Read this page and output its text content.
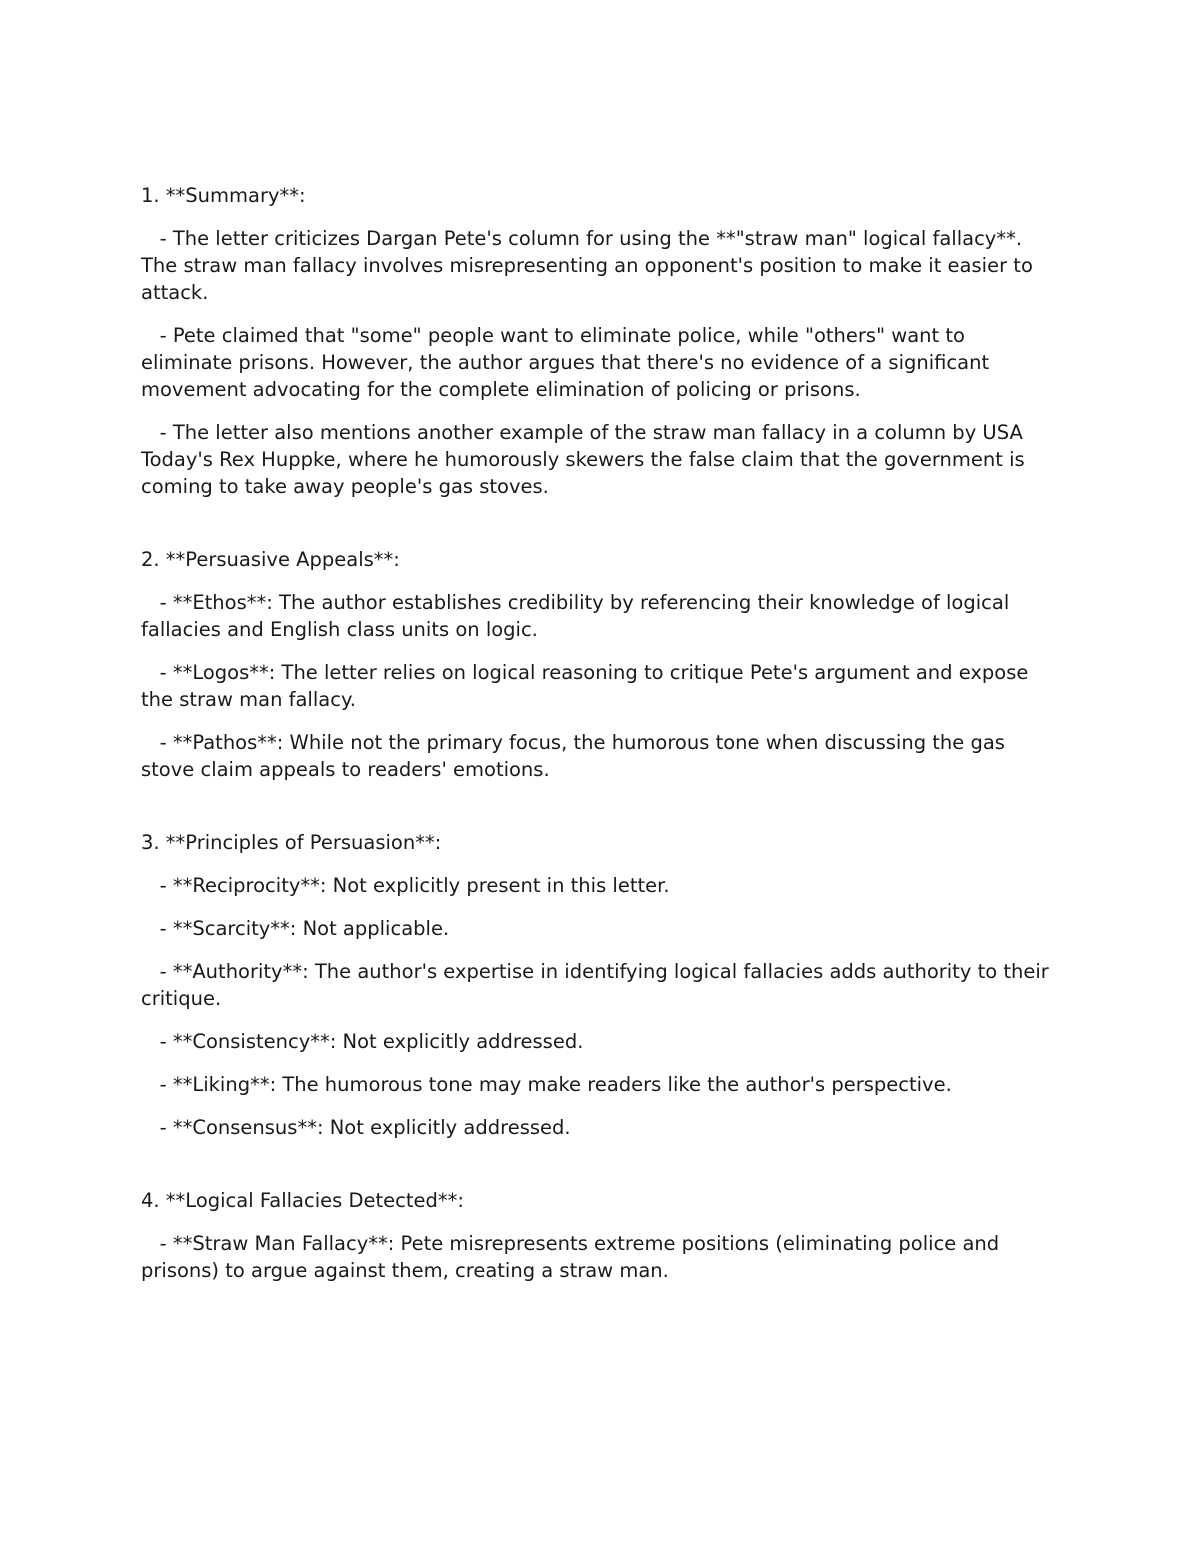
1. **Summary**:

- The letter criticizes Dargan Pete's column for using the **"straw man" logical fallacy**. The straw man fallacy involves misrepresenting an opponent's position to make it easier to attack.

- Pete claimed that "some" people want to eliminate police, while "others" want to eliminate prisons. However, the author argues that there's no evidence of a significant movement advocating for the complete elimination of policing or prisons.

- The letter also mentions another example of the straw man fallacy in a column by USA Today's Rex Huppke, where he humorously skewers the false claim that the government is coming to take away people's gas stoves.

2. **Persuasive Appeals**:

- **Ethos**: The author establishes credibility by referencing their knowledge of logical fallacies and English class units on logic.

- **Logos**: The letter relies on logical reasoning to critique Pete's argument and expose the straw man fallacy.

- **Pathos**: While not the primary focus, the humorous tone when discussing the gas stove claim appeals to readers' emotions.

3. **Principles of Persuasion**:

- **Reciprocity**: Not explicitly present in this letter.

- **Scarcity**: Not applicable.

- **Authority**: The author's expertise in identifying logical fallacies adds authority to their critique.

- **Consistency**: Not explicitly addressed.

- **Liking**: The humorous tone may make readers like the author's perspective.

- **Consensus**: Not explicitly addressed.

4. **Logical Fallacies Detected**:

- **Straw Man Fallacy**: Pete misrepresents extreme positions (eliminating police and prisons) to argue against them, creating a straw man.
